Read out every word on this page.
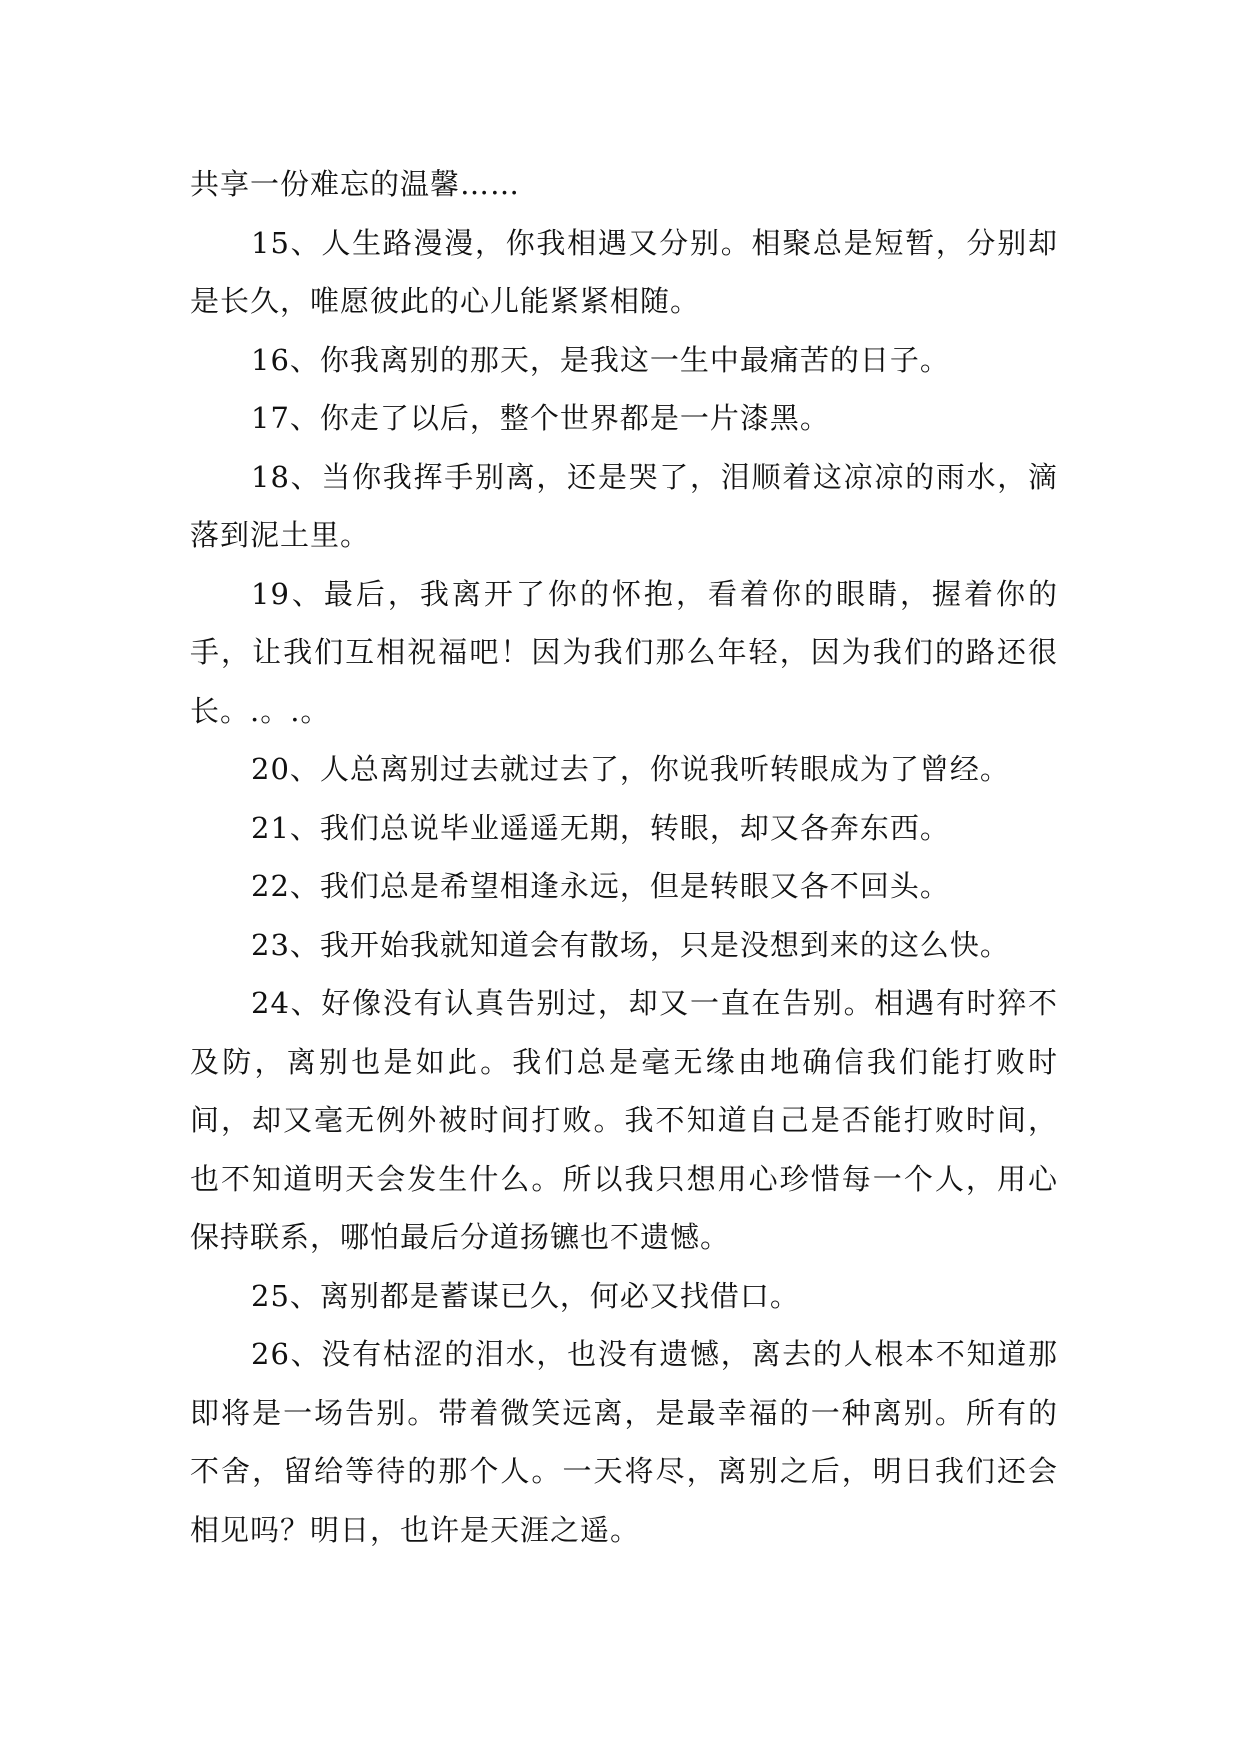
共享一份难忘的温馨……

15、人生路漫漫，你我相遇又分别。相聚总是短暂，分别却是长久，唯愿彼此的心儿能紧紧相随。

16、你我离别的那天，是我这一生中最痛苦的日子。

17、你走了以后，整个世界都是一片漆黑。

18、当你我挥手别离，还是哭了，泪顺着这凉凉的雨水，滴落到泥土里。

19、最后，我离开了你的怀抱，看着你的眼睛，握着你的手，让我们互相祝福吧！因为我们那么年轻，因为我们的路还很长。.。.。

20、人总离别过去就过去了，你说我听转眼成为了曾经。

21、我们总说毕业遥遥无期，转眼，却又各奔东西。

22、我们总是希望相逢永远，但是转眼又各不回头。

23、我开始我就知道会有散场，只是没想到来的这么快。

24、好像没有认真告别过，却又一直在告别。相遇有时猝不及防，离别也是如此。我们总是毫无缘由地确信我们能打败时间，却又毫无例外被时间打败。我不知道自己是否能打败时间，也不知道明天会发生什么。所以我只想用心珍惜每一个人，用心保持联系，哪怕最后分道扬镳也不遗憾。

25、离别都是蓄谋已久，何必又找借口。

26、没有枯涩的泪水，也没有遗憾，离去的人根本不知道那即将是一场告别。带着微笑远离，是最幸福的一种离别。所有的不舍，留给等待的那个人。一天将尽，离别之后，明日我们还会相见吗？明日，也许是天涯之遥。
